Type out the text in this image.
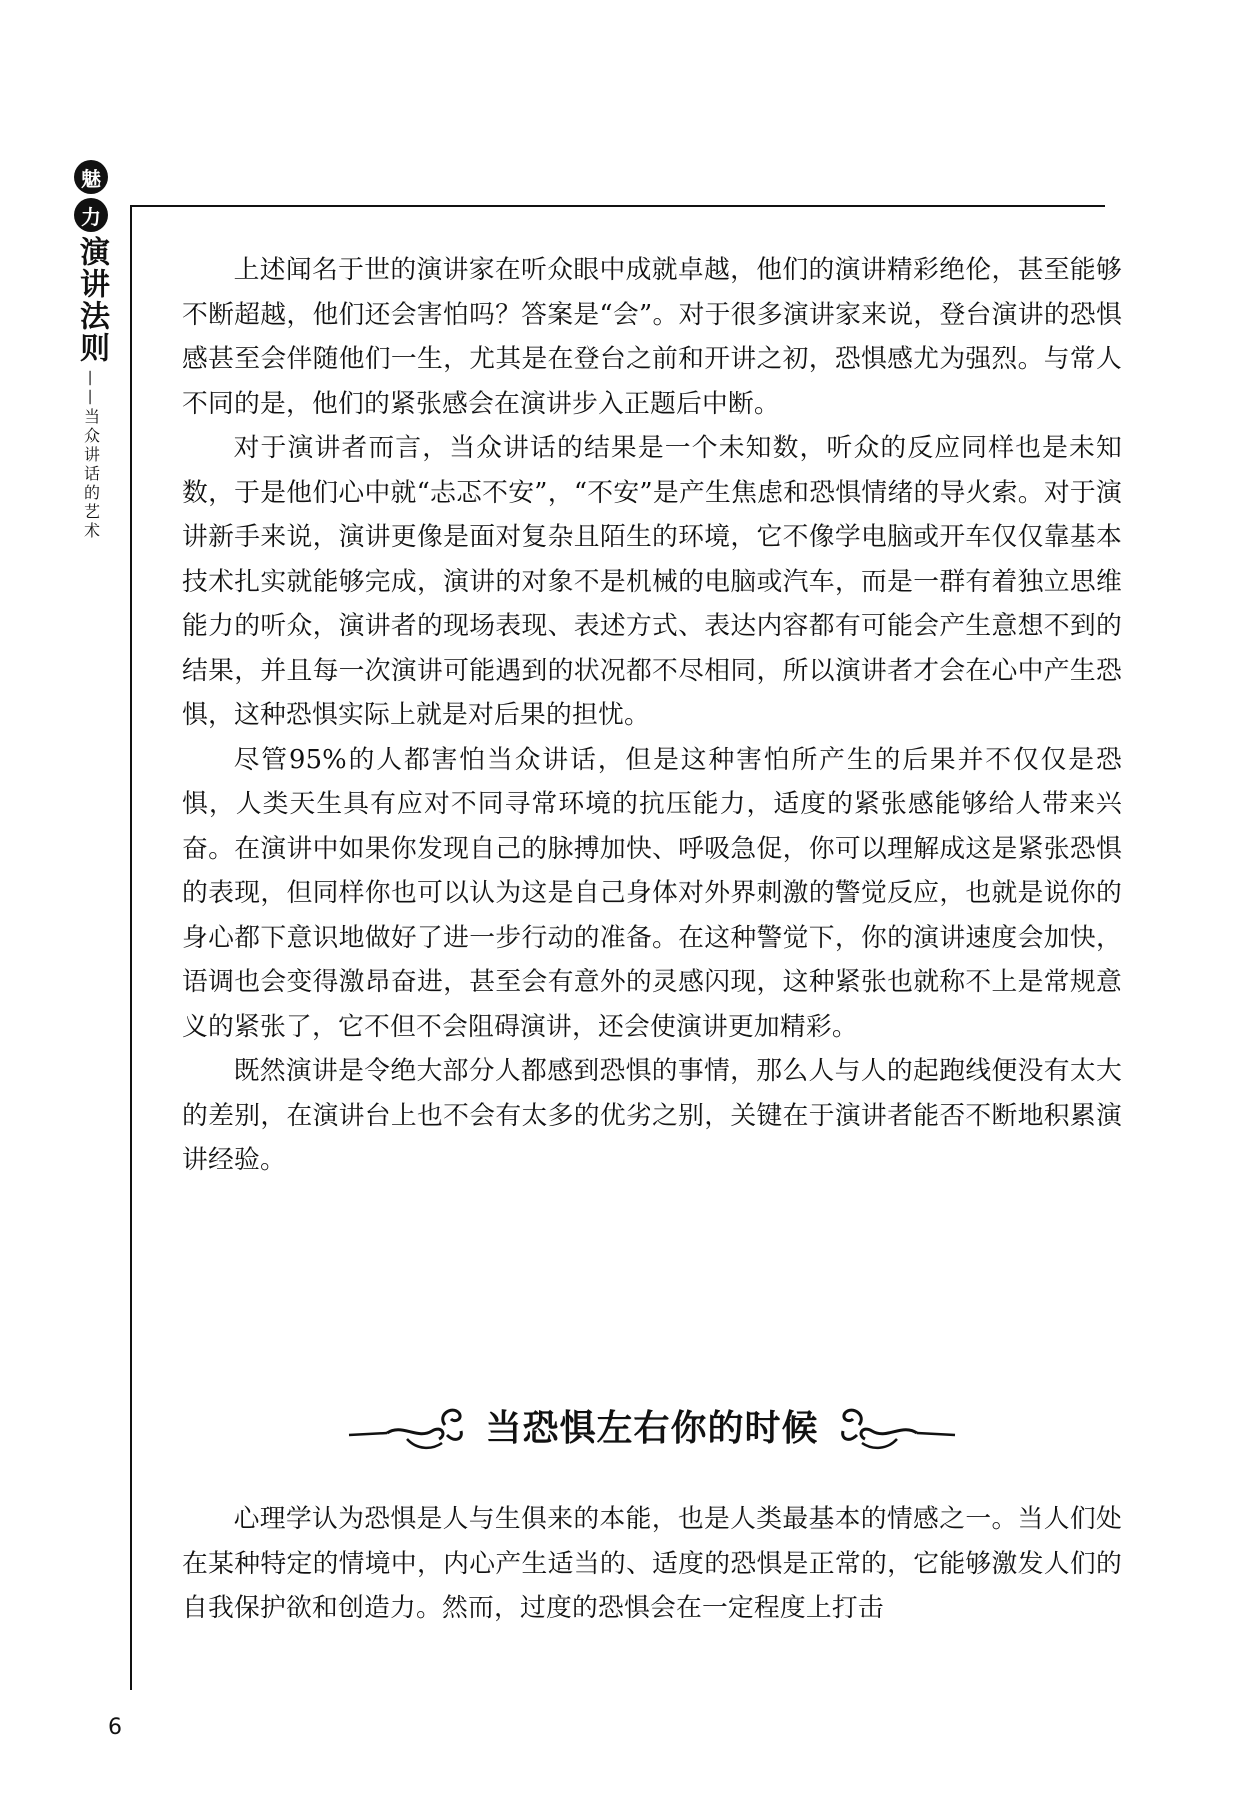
魅
力
演讲法则
——当众讲话的艺术

上述闻名于世的演讲家在听众眼中成就卓越，他们的演讲精彩绝伦，甚至能够不断超越，他们还会害怕吗？答案是“会”。对于很多演讲家来说，登台演讲的恐惧感甚至会伴随他们一生，尤其是在登台之前和开讲之初，恐惧感尤为强烈。与常人不同的是，他们的紧张感会在演讲步入正题后中断。

对于演讲者而言，当众讲话的结果是一个未知数，听众的反应同样也是未知数，于是他们心中就“忐忑不安”，“不安”是产生焦虑和恐惧情绪的导火索。对于演讲新手来说，演讲更像是面对复杂且陌生的环境，它不像学电脑或开车仅仅靠基本技术扎实就能够完成，演讲的对象不是机械的电脑或汽车，而是一群有着独立思维能力的听众，演讲者的现场表现、表述方式、表达内容都有可能会产生意想不到的结果，并且每一次演讲可能遇到的状况都不尽相同，所以演讲者才会在心中产生恐惧，这种恐惧实际上就是对后果的担忧。

尽管95%的人都害怕当众讲话，但是这种害怕所产生的后果并不仅仅是恐惧，人类天生具有应对不同寻常环境的抗压能力，适度的紧张感能够给人带来兴奋。在演讲中如果你发现自己的脉搏加快、呼吸急促，你可以理解成这是紧张恐惧的表现，但同样你也可以认为这是自己身体对外界刺激的警觉反应，也就是说你的身心都下意识地做好了进一步行动的准备。在这种警觉下，你的演讲速度会加快，语调也会变得激昂奋进，甚至会有意外的灵感闪现，这种紧张也就称不上是常规意义的紧张了，它不但不会阻碍演讲，还会使演讲更加精彩。

既然演讲是令绝大部分人都感到恐惧的事情，那么人与人的起跑线便没有太大的差别，在演讲台上也不会有太多的优劣之别，关键在于演讲者能否不断地积累演讲经验。

当恐惧左右你的时候

心理学认为恐惧是人与生俱来的本能，也是人类最基本的情感之一。当人们处在某种特定的情境中，内心产生适当的、适度的恐惧是正常的，它能够激发人们的自我保护欲和创造力。然而，过度的恐惧会在一定程度上打击

6
